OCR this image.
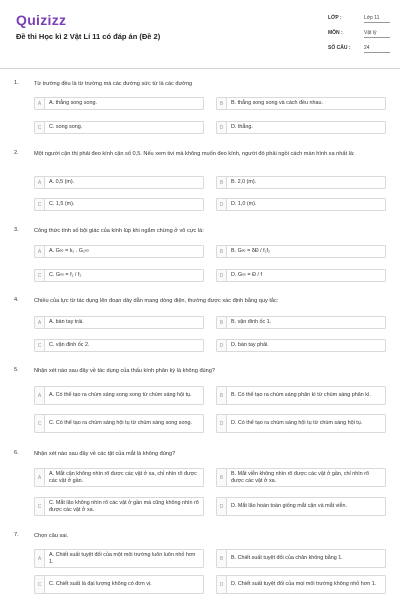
Quizizz
Đề thi Học kì 2 Vật Lí 11 có đáp án (Đề 2)
LỚP :	Lớp 11
MÔN :	Vật lý
SỐ CÂU :	24
1.	Từ trường đều là từ trường mà các đường sức từ là các đường
A	A. thẳng song song.	B	B. thẳng song song và cách đều nhau.
C	C. song song.	D	D. thẳng.
2.	Một người cận thị phải đeo kính cận số 0,5. Nếu xem tivi mà không muốn đeo kính, người đó phải ngồi cách màn hình xa nhất là:
A	A. 0,5 (m).	B	B. 2,0 (m).
C	C. 1,5 (m).	D	D. 1,0 (m).
3.	Công thức tính số bội giác của kính lúp khi ngắm chừng ở vô cực là:
A	A. G∞ = k₁ . G₂∞	B	B. G∞ = δĐ / f₁f₂
C	C. G∞ = f₁ / f₂	D	D. G∞ = Đ / f
4.	Chiều của lực từ tác dụng lên đoạn dây dẫn mang dòng điện, thường được xác định bằng quy tắc:
A	A. bàn tay trái.	B	B. vặn đinh ốc 1.
C	C. vặn đinh ốc 2.	D	D. bàn tay phải.
5.	Nhận xét nào sau đây về tác dụng của thấu kính phân kỳ là không đúng?
A	A. Có thể tạo ra chùm sáng song song từ chùm sáng hội tụ.	B	B. Có thể tạo ra chùm sáng phân kì từ chùm sáng phân kì.
C	C. Có thể tạo ra chùm sáng hội tụ từ chùm sáng song song.	D	D. Có thể tạo ra chùm sáng hội tụ từ chùm sáng hội tụ.
6.	Nhận xét nào sau đây về các tật của mắt là không đúng?
A
A. Mắt cận không nhìn rõ được các vật ở xa, chỉ nhìn rõ được các vật ở gần.	B
B. Mắt viễn không nhìn rõ được các vật ở gần, chỉ nhìn rõ được các vật ở xa.
C
C. Mắt lão không nhìn rõ các vật ở gần mà cũng không nhìn rõ được các vật ở xa.	D	D. Mắt lão hoàn toàn giống mắt cận và mắt viễn.
7.	Chọn câu sai.
A
A. Chiết suất tuyệt đối của một môi trường luôn luôn nhỏ hơn 1.	B	B. Chiết suất tuyệt đối của chân không bằng 1.
C	C. Chiết suất là đại lượng không có đơn vị.	D	D. Chiết suất tuyệt đối của mọi môi trường không nhỏ hơn 1.
